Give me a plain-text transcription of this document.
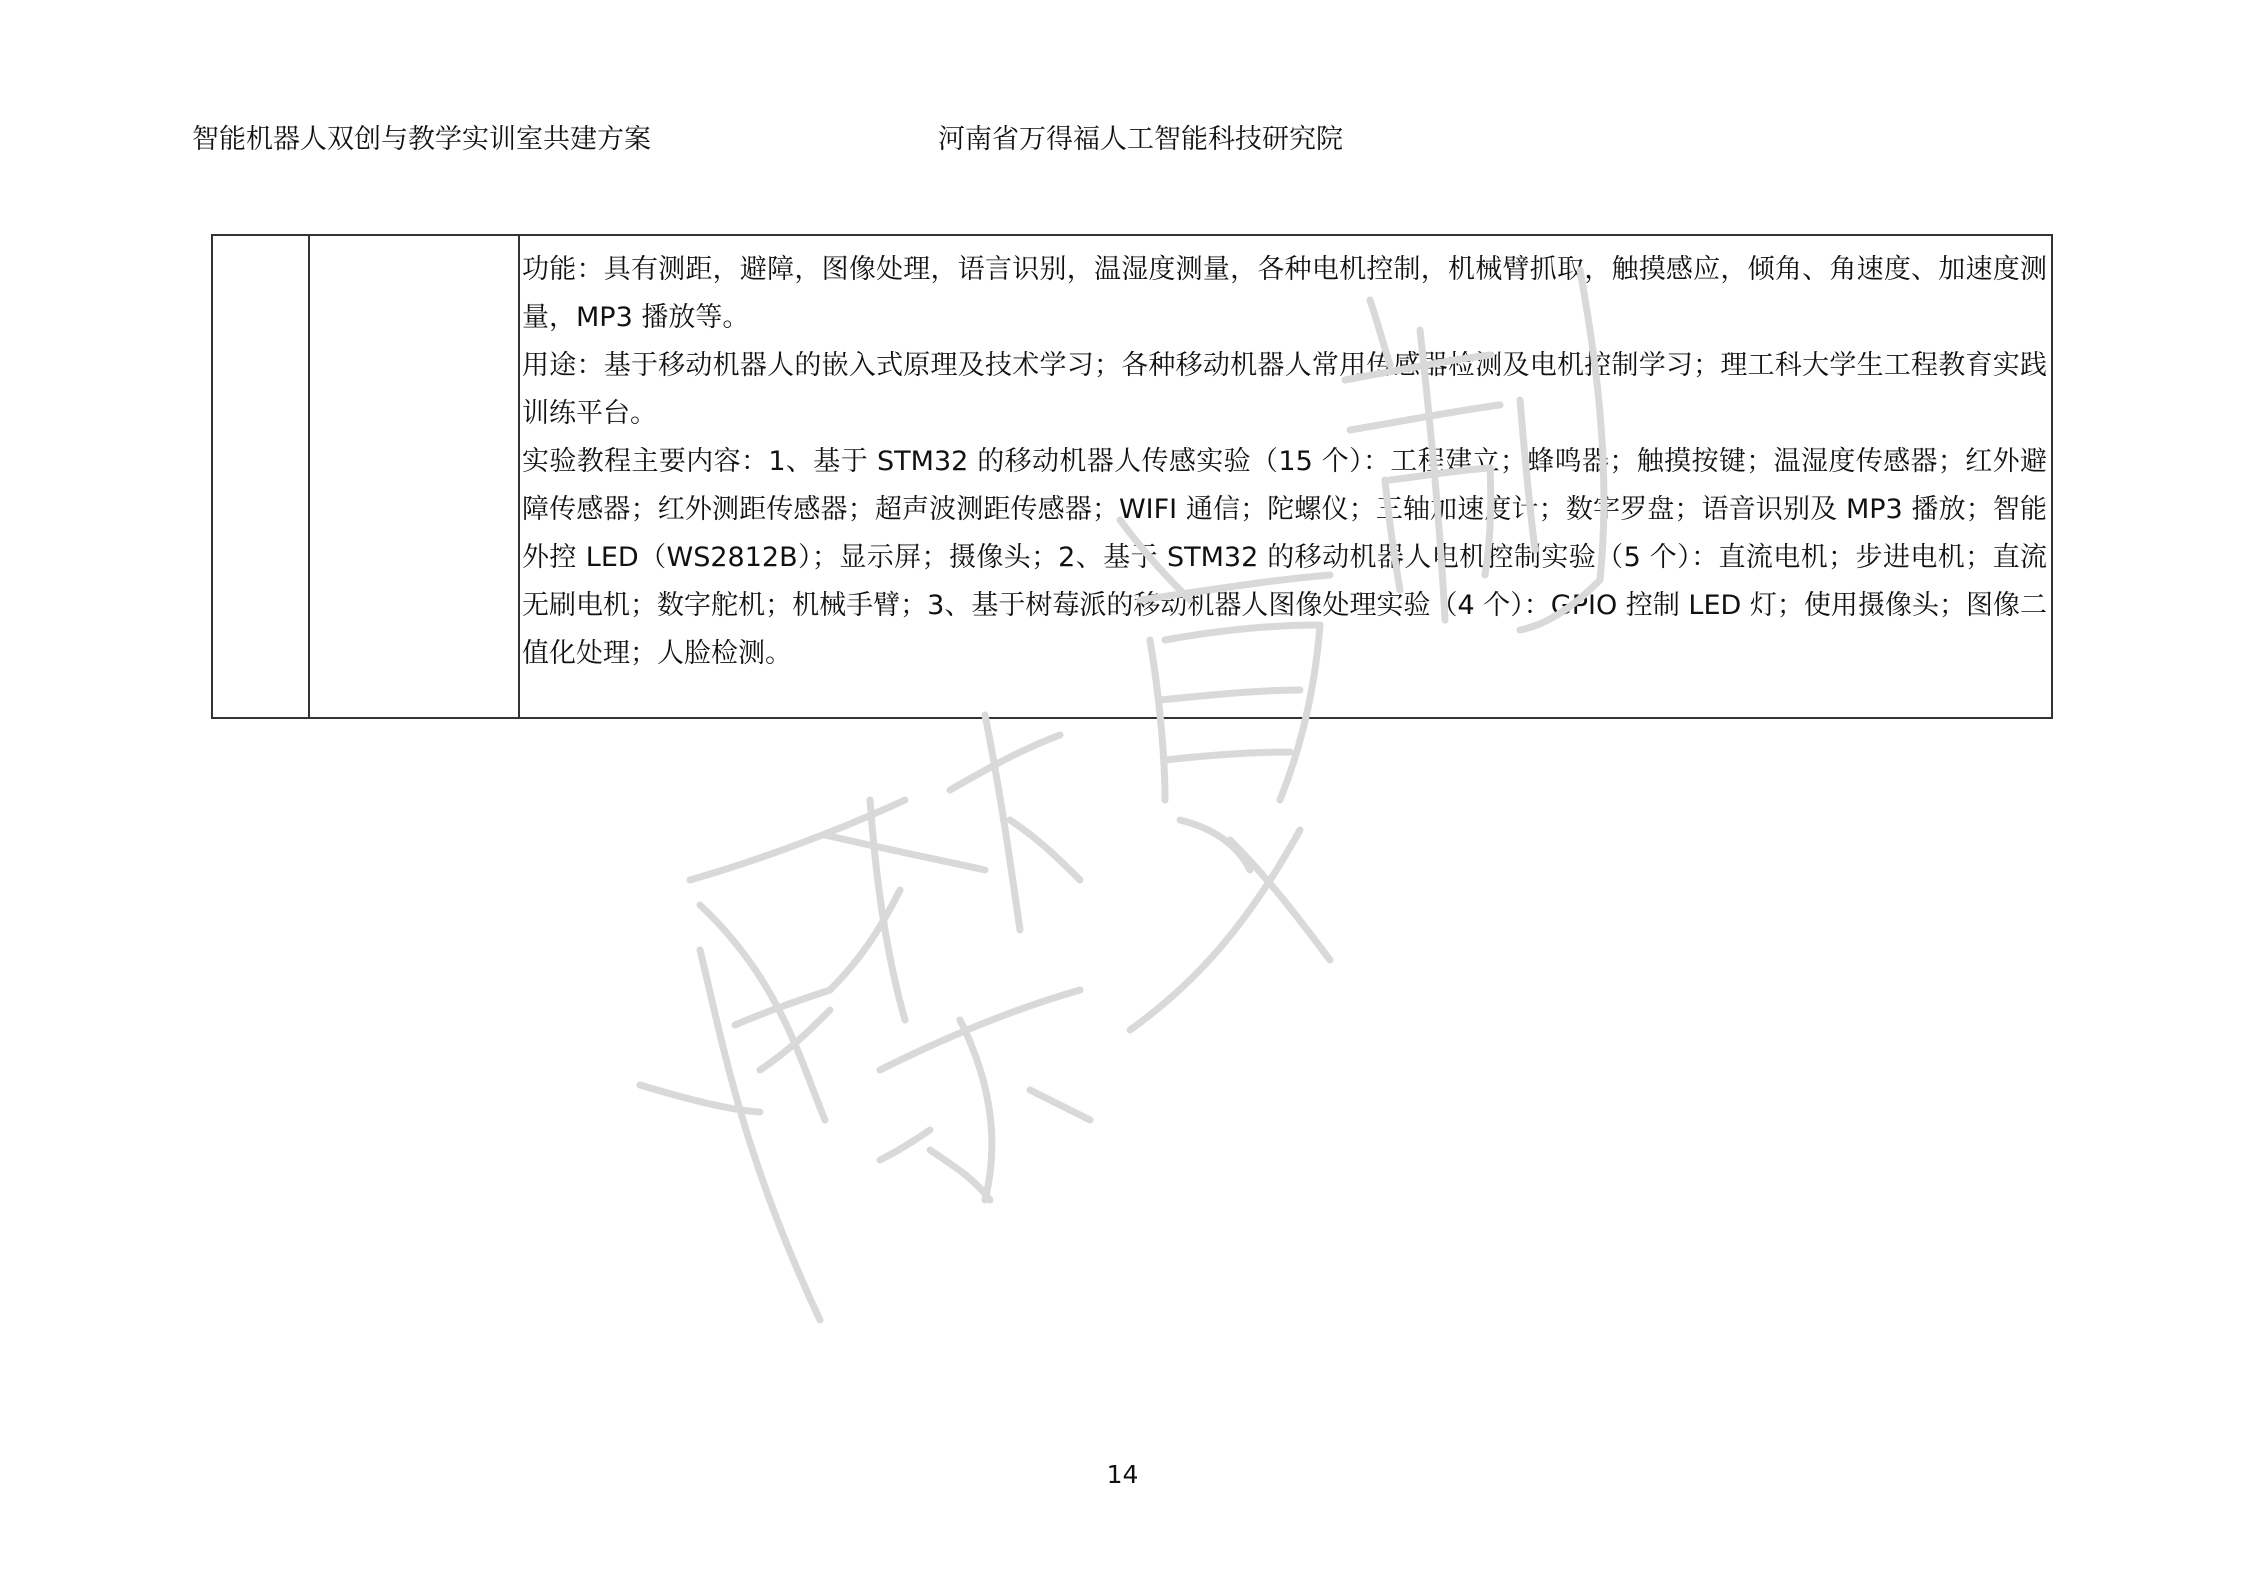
智能机器人双创与教学实训室共建方案	河南省万得福人工智能科技研究院

功能：具有测距，避障，图像处理，语言识别，温湿度测量，各种电机控制，机械臂抓取，触摸感应，倾角、角速度、加速度测量，MP3 播放等。

用途：基于移动机器人的嵌入式原理及技术学习；各种移动机器人常用传感器检测及电机控制学习；理工科大学生工程教育实践训练平台。

实验教程主要内容：1、基于 STM32 的移动机器人传感实验（15 个）：工程建立；蜂鸣器；触摸按键；温湿度传感器；红外避障传感器；红外测距传感器；超声波测距传感器；WIFI 通信；陀螺仪；三轴加速度计；数字罗盘；语音识别及 MP3 播放；智能外控 LED（WS2812B）；显示屏；摄像头；2、基于 STM32 的移动机器人电机控制实验（5 个）：直流电机；步进电机；直流无刷电机；数字舵机；机械手臂；3、基于树莓派的移动机器人图像处理实验（4 个）：GPIO 控制 LED 灯；使用摄像头；图像二值化处理；人脸检测。

14
